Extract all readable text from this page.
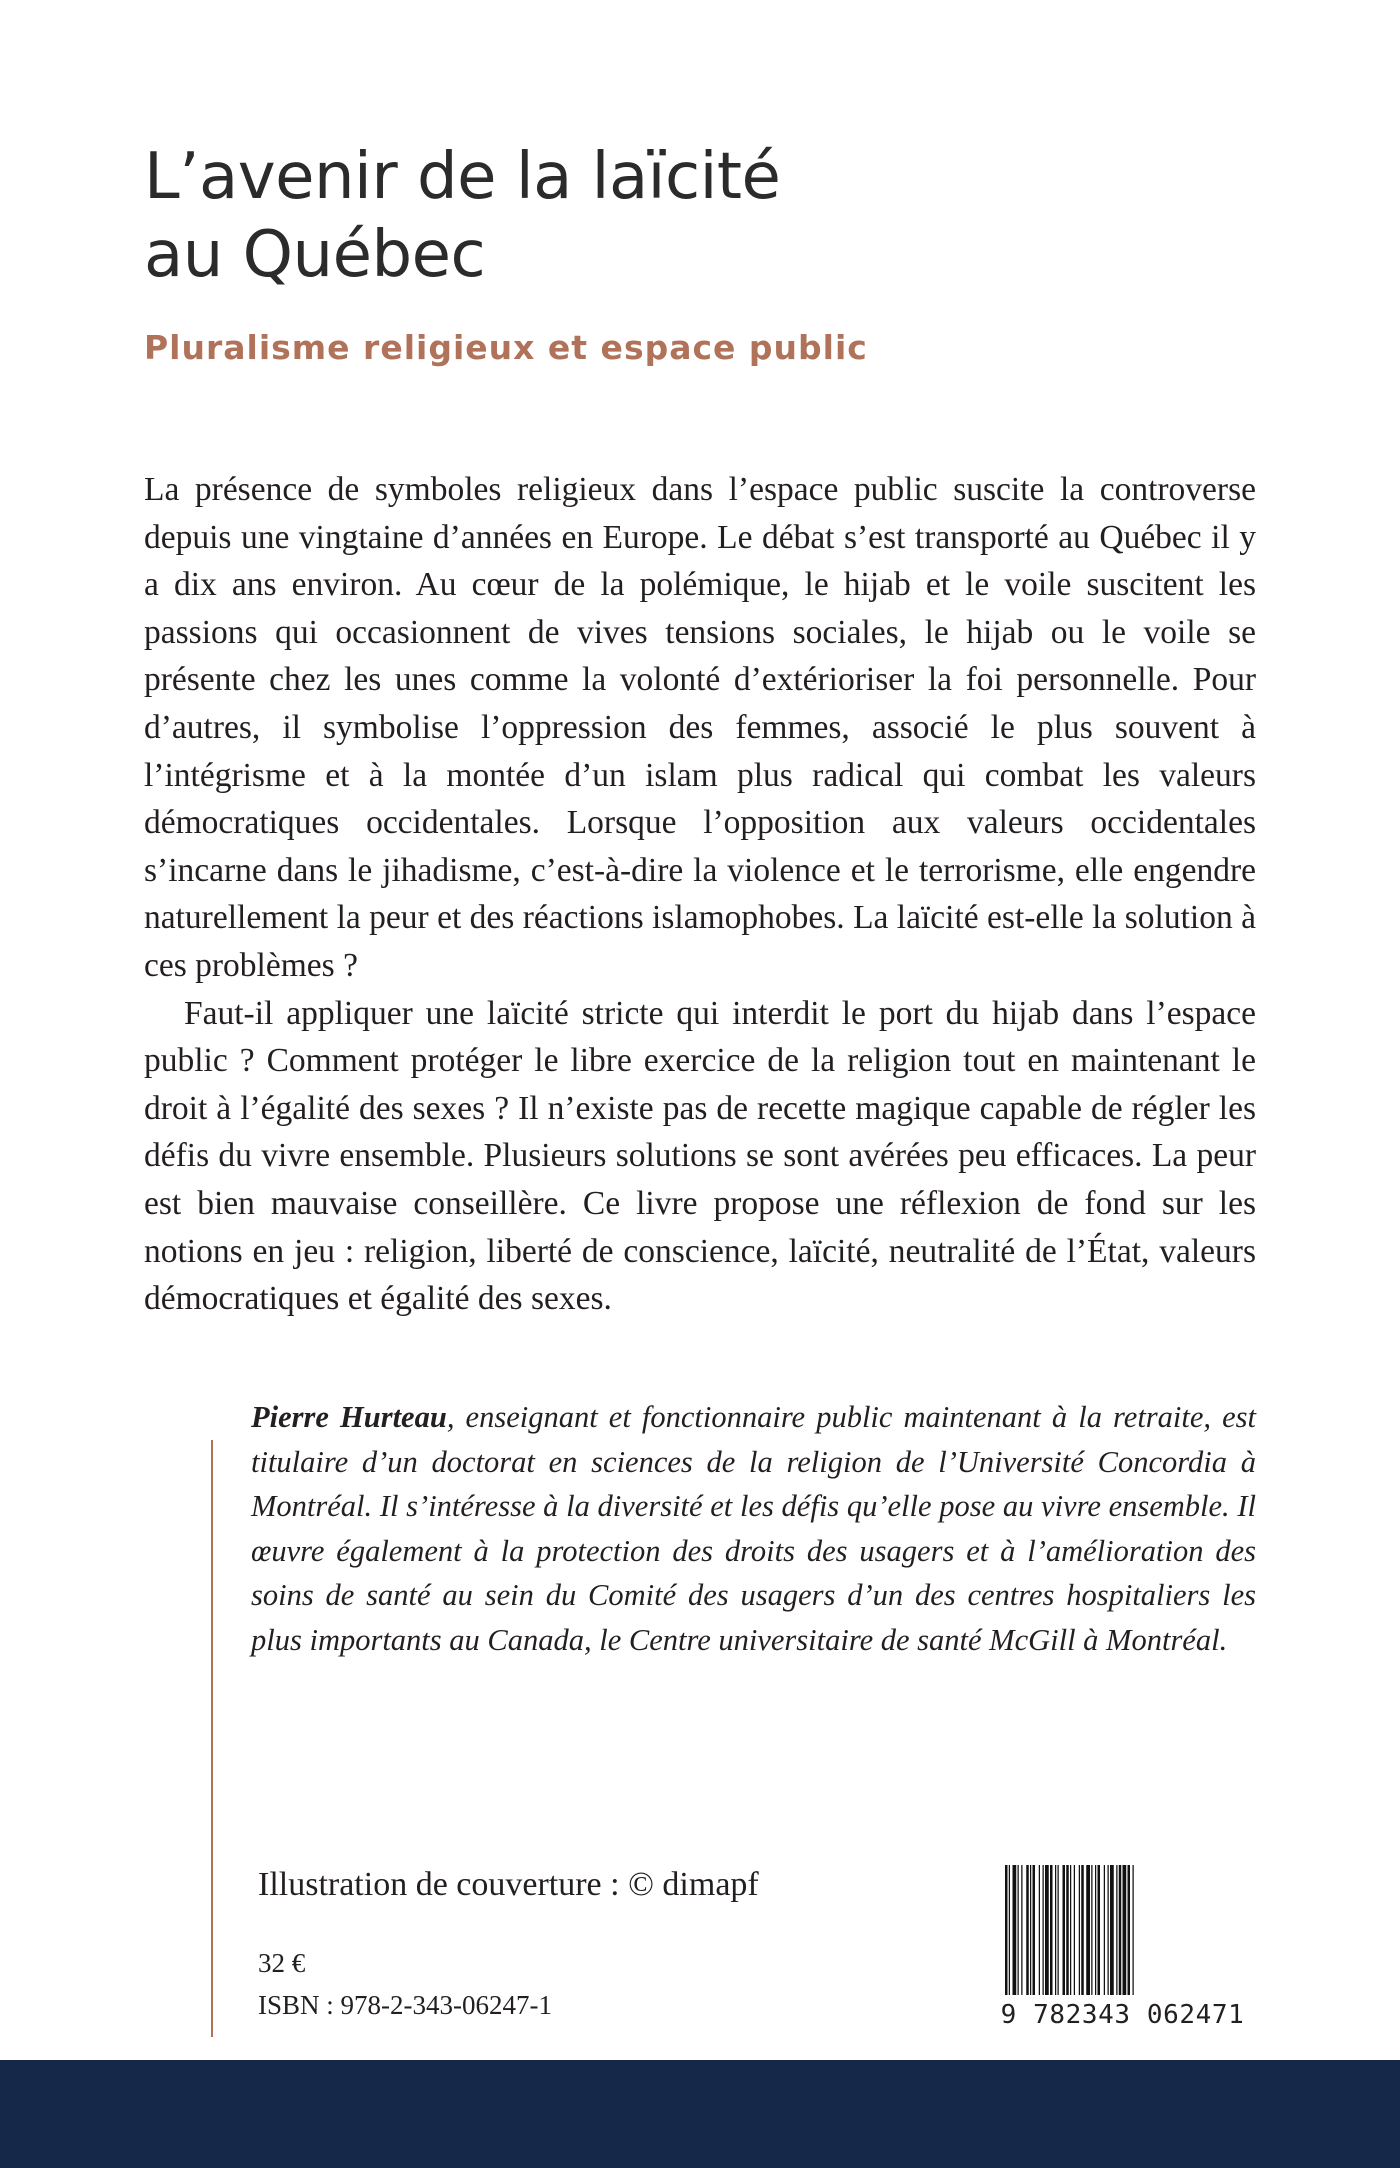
L’avenir de la laïcité
au Québec
Pluralisme religieux et espace public

La présence de symboles religieux dans l’espace public suscite la controverse depuis une vingtaine d’années en Europe. Le débat s’est transporté au Québec il y a dix ans environ. Au cœur de la polémique, le hijab et le voile suscitent les passions qui occasionnent de vives tensions sociales, le hijab ou le voile se présente chez les unes comme la volonté d’extérioriser la foi personnelle. Pour d’autres, il symbolise l’oppression des femmes, associé le plus souvent à l’intégrisme et à la montée d’un islam plus radical qui combat les valeurs démocratiques occidentales. Lorsque l’opposition aux valeurs occidentales s’incarne dans le jihadisme, c’est-à-dire la violence et le terrorisme, elle engendre naturellement la peur et des réactions islamophobes. La laïcité est-elle la solution à ces problèmes ?

Faut-il appliquer une laïcité stricte qui interdit le port du hijab dans l’espace public ? Comment protéger le libre exercice de la religion tout en maintenant le droit à l’égalité des sexes ? Il n’existe pas de recette magique capable de régler les défis du vivre ensemble. Plusieurs solutions se sont avérées peu efficaces. La peur est bien mauvaise conseillère. Ce livre propose une réflexion de fond sur les notions en jeu : religion, liberté de conscience, laïcité, neutralité de l’État, valeurs démocratiques et égalité des sexes.

Pierre Hurteau, enseignant et fonctionnaire public maintenant à la retraite, est titulaire d’un doctorat en sciences de la religion de l’Université Concordia à Montréal. Il s’intéresse à la diversité et les défis qu’elle pose au vivre ensemble. Il œuvre également à la protection des droits des usagers et à l’amélioration des soins de santé au sein du Comité des usagers d’un des centres hospitaliers les plus importants au Canada, le Centre universitaire de santé McGill à Montréal.
Illustration de couverture : © dimapf
32 €
ISBN : 978-2-343-06247-1	9 782343 062471
